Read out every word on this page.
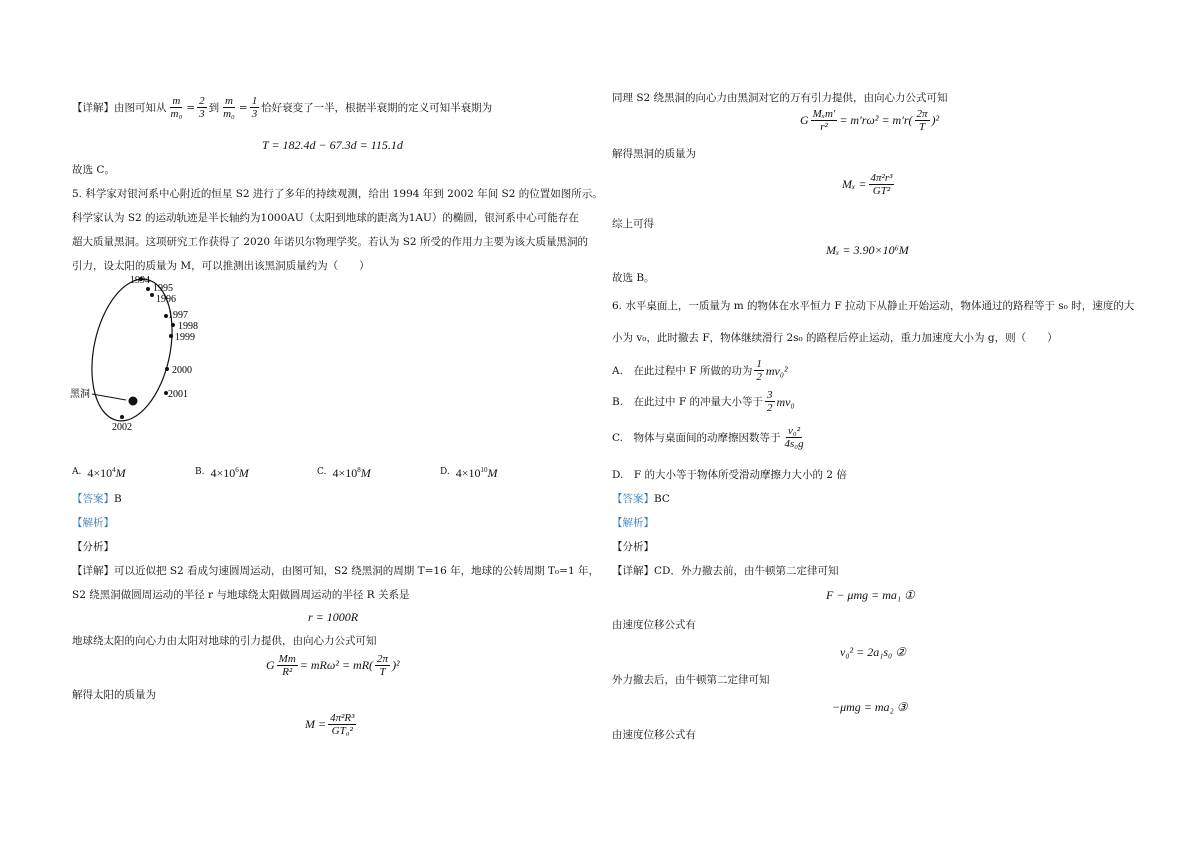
【详解】由图可知从 $\frac{m}{\text{m₀}} = \frac{2}{3}$ 到 $\frac{m}{\text{m₀}} = \frac{1}{3}$ 恰好衰变了一半，根据半衰期的定义可知半衰期为
T = 182.4d − 67.3d = 115.1d
故选 C。
5. 科学家对银河系中心附近的恒星 S2 进行了多年的持续观测，给出 1994 年到 2002 年间 S2 的位置如图所示。
科学家认为 S2 的运动轨迹是半长轴约为1000AU（太阳到地球的距离为1AU）的椭圆，银河系中心可能存在
超大质量黑洞。这项研究工作获得了 2020 年诺贝尔物理学奖。若认为 S2 所受的作用力主要为该大质量黑洞的
引力，设太阳的质量为 M，可以推测出该黑洞质量约为（　　）
1994
1995
1996
1997
1998
1999
2000
2001
2002
黑洞
A. $4\times 10^4M$	B. $4\times 10^6M$	C. $4\times 10^8M$	D. $4\times 10^{10}M$
【答案】B
【解析】
【分析】
【详解】可以近似把 S2 看成匀速圆周运动，由图可知，S2 绕黑洞的周期 T=16 年，地球的公转周期 T₀=1 年，
S2 绕黑洞做圆周运动的半径 r 与地球绕太阳做圆周运动的半径 R 关系是
r = 1000R
地球绕太阳的向心力由太阳对地球的引力提供，由向心力公式可知
G $\frac{Mm}{\text{R²}} = mR\omega^2 = mR( \frac{2\pi}{T} )^2$
解得太阳的质量为
$M = \frac{\text{4π²R³}}{\text{GT₀²}}$
同理 S2 绕黑洞的向心力由黑洞对它的万有引力提供，由向心力公式可知
G $\frac{\text{Mₓm′}}{\text{r²}} = m'r\omega^2 = m'r( \frac{2\pi}{T} )^2$
解得黑洞的质量为
$M_x = \frac{\text{4π²r³}}{\text{GT²}}$
综上可得
Mₓ = 3.90×10⁶M
故选 B。
6. 水平桌面上，一质量为 m 的物体在水平恒力 F 拉动下从静止开始运动，物体通过的路程等于 s₀ 时，速度的大
小为 v₀，此时撤去 F，物体继续滑行 2s₀ 的路程后停止运动，重力加速度大小为 g，则（　　）
A.　在此过程中 F 所做的功为 $\frac{1}{2} mv_0^2$
B.　在此过中 F 的冲量大小等于 $\frac{3}{2} mv_0$
C.　物体与桌面间的动摩擦因数等于 $\frac{\text{v₀²}}{\text{4s₀g}}$
D.　F 的大小等于物体所受滑动摩擦力大小的 2 倍
【答案】BC
【解析】
【分析】
【详解】CD．外力撤去前，由牛顿第二定律可知
F − μmg = ma₁ ①
由速度位移公式有
v₀² = 2a₁s₀ ②
外力撤去后，由牛顿第二定律可知
−μmg = ma₂ ③
由速度位移公式有
